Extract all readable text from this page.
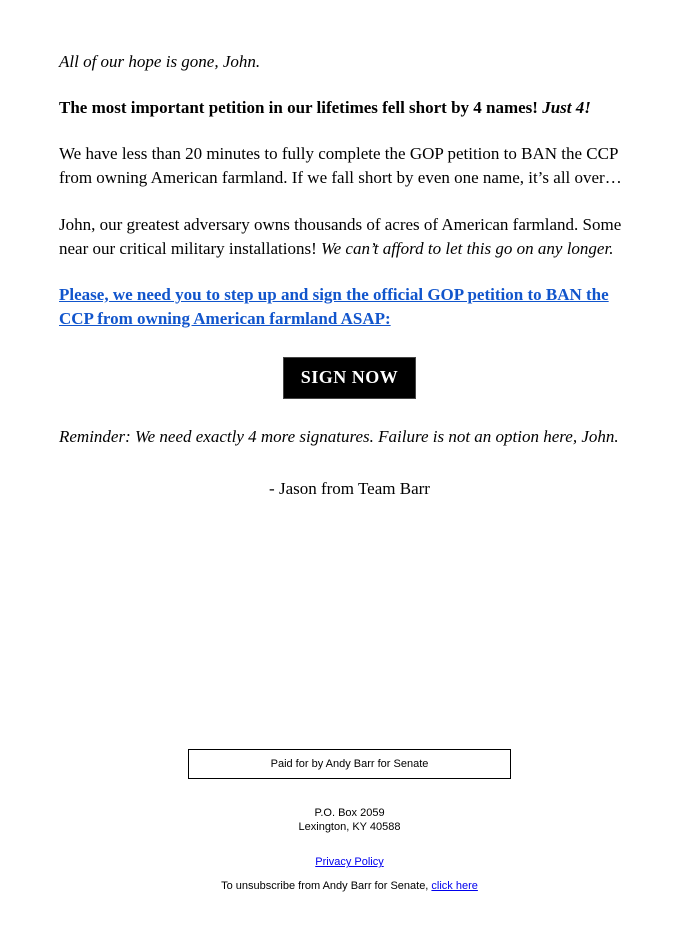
All of our hope is gone, John.

The most important petition in our lifetimes fell short by 4 names! Just 4!

We have less than 20 minutes to fully complete the GOP petition to BAN the CCP from owning American farmland. If we fall short by even one name, it’s all over…

John, our greatest adversary owns thousands of acres of American farmland. Some near our critical military installations! We can’t afford to let this go on any longer.

Please, we need you to step up and sign the official GOP petition to BAN the CCP from owning American farmland ASAP:

SIGN NOW

Reminder: We need exactly 4 more signatures. Failure is not an option here, John.

- Jason from Team Barr

Paid for by Andy Barr for Senate
P.O. Box 2059
Lexington, KY 40588
Privacy Policy
To unsubscribe from Andy Barr for Senate, click here
